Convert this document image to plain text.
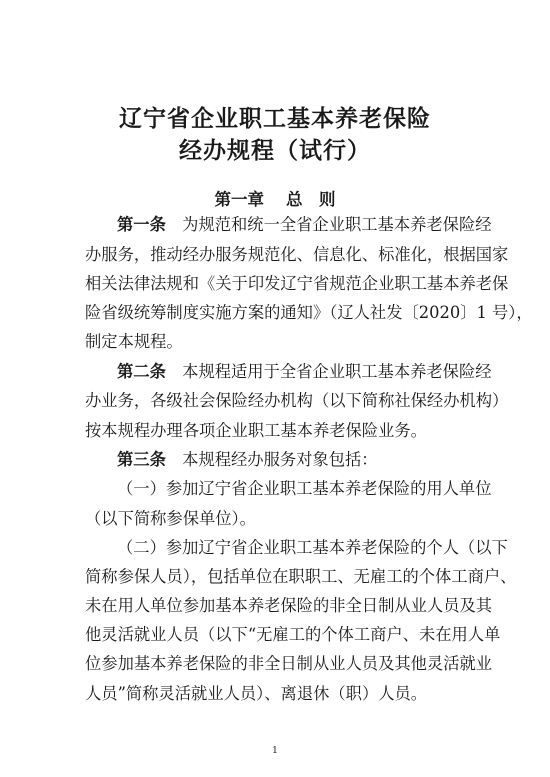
辽宁省企业职工基本养老保险
经办规程（试行）
第一章 总　则
第一条　 为规范和统一全省企业职工基本养老保险经
办服务，推动经办服务规范化、信息化、标准化，根据国家
相关法律法规和《关于印发辽宁省规范企业职工基本养老保
险省级统筹制度实施方案的通知》（辽人社发〔2020〕1 号），
制定本规程。
第二条　 本规程适用于全省企业职工基本养老保险经
办业务，各级社会保险经办机构（以下简称社保经办机构）
按本规程办理各项企业职工基本养老保险业务。
第三条　 本规程经办服务对象包括：
（一）参加辽宁省企业职工基本养老保险的用人单位
（以下简称参保单位）。
（二）参加辽宁省企业职工基本养老保险的个人（以下
简称参保人员），包括单位在职职工、无雇工的个体工商户、
未在用人单位参加基本养老保险的非全日制从业人员及其
他灵活就业人员（以下“无雇工的个体工商户、未在用人单
位参加基本养老保险的非全日制从业人员及其他灵活就业
人员”简称灵活就业人员）、离退休（职）人员。
1
